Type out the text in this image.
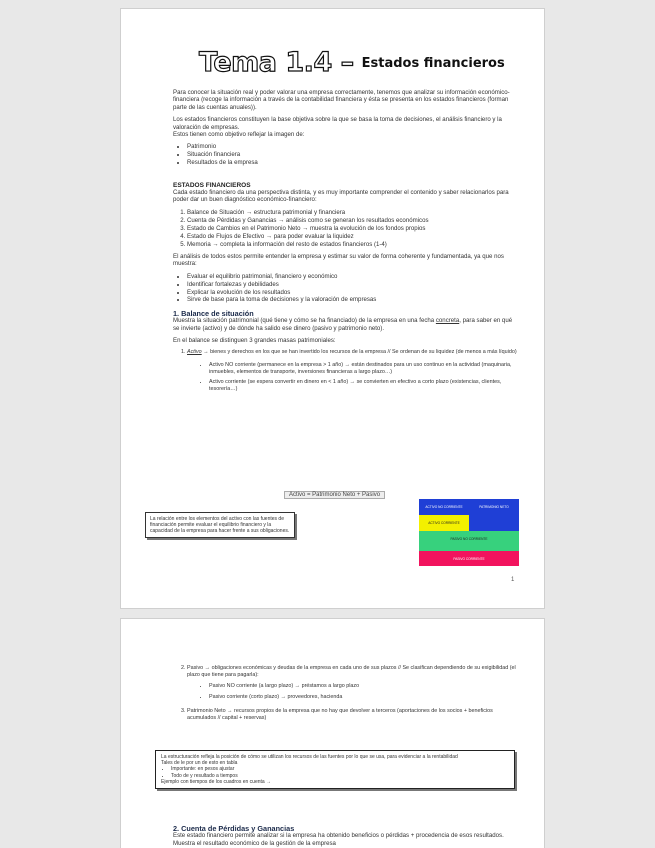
Tema 1.4 – $^{Estados financieros}$

Para conocer la situación real y poder valorar una empresa correctamente, tenemos que analizar su información económico-financiera (recoge la información a través de la contabilidad financiera y ésta se presenta en los estados financieros (forman parte de las cuentas anuales)).

Los estados financieros constituyen la base objetiva sobre la que se basa la toma de decisiones, el análisis financiero y la valoración de empresas.
Estos tienen como objetivo reflejar la imagen de:

• Patrimonio
• Situación financiera
• Resultados de la empresa
ESTADOS FINANCIEROS

Cada estado financiero da una perspectiva distinta, y es muy importante comprender el contenido y saber relacionarlos para poder dar un buen diagnóstico económico-financiero:

1. Balance de Situación → estructura patrimonial y financiera
2. Cuenta de Pérdidas y Ganancias → análisis como se generan los resultados económicos
3. Estado de Cambios en el Patrimonio Neto → muestra la evolución de los fondos propios
4. Estado de Flujos de Efectivo → para poder evaluar la liquidez
5. Memoria → completa la información del resto de estados financieros (1-4)

El análisis de todos estos permite entender la empresa y estimar su valor de forma coherente y fundamentada, ya que nos muestra:

• Evaluar el equilibrio patrimonial, financiero y económico
• Identificar fortalezas y debilidades
• Explicar la evolución de los resultados
• Sirve de base para la toma de decisiones y la valoración de empresas
1. Balance de situación

Muestra la situación patrimonial (qué tiene y cómo se ha financiado) de la empresa en una fecha concreta, para saber en qué se invierte (activo) y de dónde ha salido ese dinero (pasivo y patrimonio neto).

En el balance se distinguen 3 grandes masas patrimoniales:

1. Activo → bienes y derechos en los que se han invertido los recursos de la empresa // Se ordenan de su liquidez (de menos a más líquido)
• Activo NO corriente (permanece en la empresa > 1 año) → están destinados para un uso continuo en la actividad (maquinaria, inmuebles, elementos de transporte, inversiones financieras a largo plazo…)
• Activo corriente (se espera convertir en dinero en < 1 año) → se convierten en efectivo a corto plazo (existencias, clientes, tesorería…)
Activo = Patrimonio Neto + Pasivo
La relación entre los elementos del activo con las fuentes de financiación permite evaluar el equilibrio financiero y la capacidad de la empresa para hacer frente a sus obligaciones.
ACTIVO NO CORRIENTE
ACTIVO CORRIENTE
PATRIMONIO NETO
PASIVO NO CORRIENTE
PASIVO CORRIENTE
1
2. Pasivo → obligaciones económicas y deudas de la empresa en cada uno de sus plazos // Se clasifican dependiendo de su exigibilidad (el plazo que tiene para pagarla):
• Pasivo NO corriente (a largo plazo) → préstamos a largo plazo
• Pasivo corriente (corto plazo) → proveedores, hacienda
3. Patrimonio Neto → recursos propios de la empresa que no hay que devolver a terceros (aportaciones de los socios + beneficios acumulados // capital + reservas)
La estructuración refleja la posición de cómo se utilizan los recursos de las fuentes por lo que se usa, para evidenciar a la rentabilidad
Tales de le por un de esto en tabla
• Importante: en pesos ajustar
• Todo de y resultado a tiempos
Ejemplo con tiempos de los cuadros en cuenta →
2. Cuenta de Pérdidas y Ganancias

Este estado financiero permite analizar si la empresa ha obtenido beneficios o pérdidas + procedencia de esos resultados. Muestra el resultado económico de la gestión de la empresa
